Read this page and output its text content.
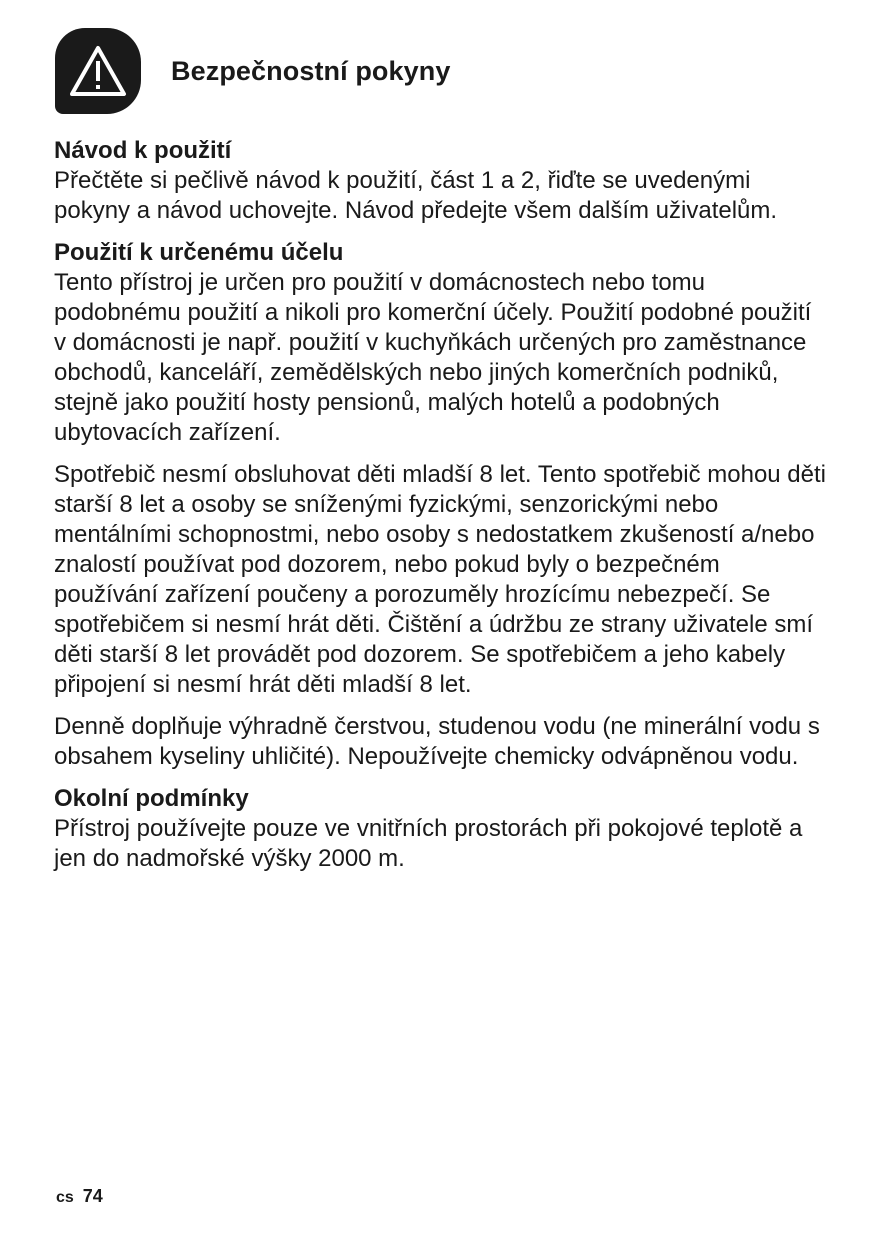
Bezpečnostní pokyny
Návod k použití
Přečtěte si pečlivě návod k použití, část 1 a 2, řiďte se uvedenými pokyny a návod uchovejte. Návod předejte všem dalším uživatelům.
Použití k určenému účelu
Tento přístroj je určen pro použití v domácnostech nebo tomu podobnému použití a nikoli pro komerční účely. Použití podobné použití v domácnosti je např. použití v kuchyňkách určených pro zaměstnance obchodů, kanceláří, zemědělských nebo jiných komerčních podniků, stejně jako použití hosty pensionů, malých hotelů a podobných ubytovacích zařízení.
Spotřebič nesmí obsluhovat děti mladší 8 let. Tento spotřebič mohou děti starší 8 let a osoby se sníženými fyzickými, senzorickými nebo mentálními schopnostmi, nebo osoby s nedostatkem zkušeností a/nebo znalostí používat pod dozorem, nebo pokud byly o bezpečném používání zařízení poučeny a porozuměly hrozícímu nebezpečí. Se spotřebičem si nesmí hrát děti. Čištění a údržbu ze strany uživatele smí děti starší 8 let provádět pod dozorem. Se spotřebičem a jeho kabely připojení si nesmí hrát děti mladší 8 let.
Denně doplňuje výhradně čerstvou, studenou vodu (ne minerální vodu s obsahem kyseliny uhličité). Nepoužívejte chemicky odvápněnou vodu.
Okolní podmínky
Přístroj používejte pouze ve vnitřních prostorách při pokojové teplotě a jen do nadmořské výšky 2000 m.
cs 74
